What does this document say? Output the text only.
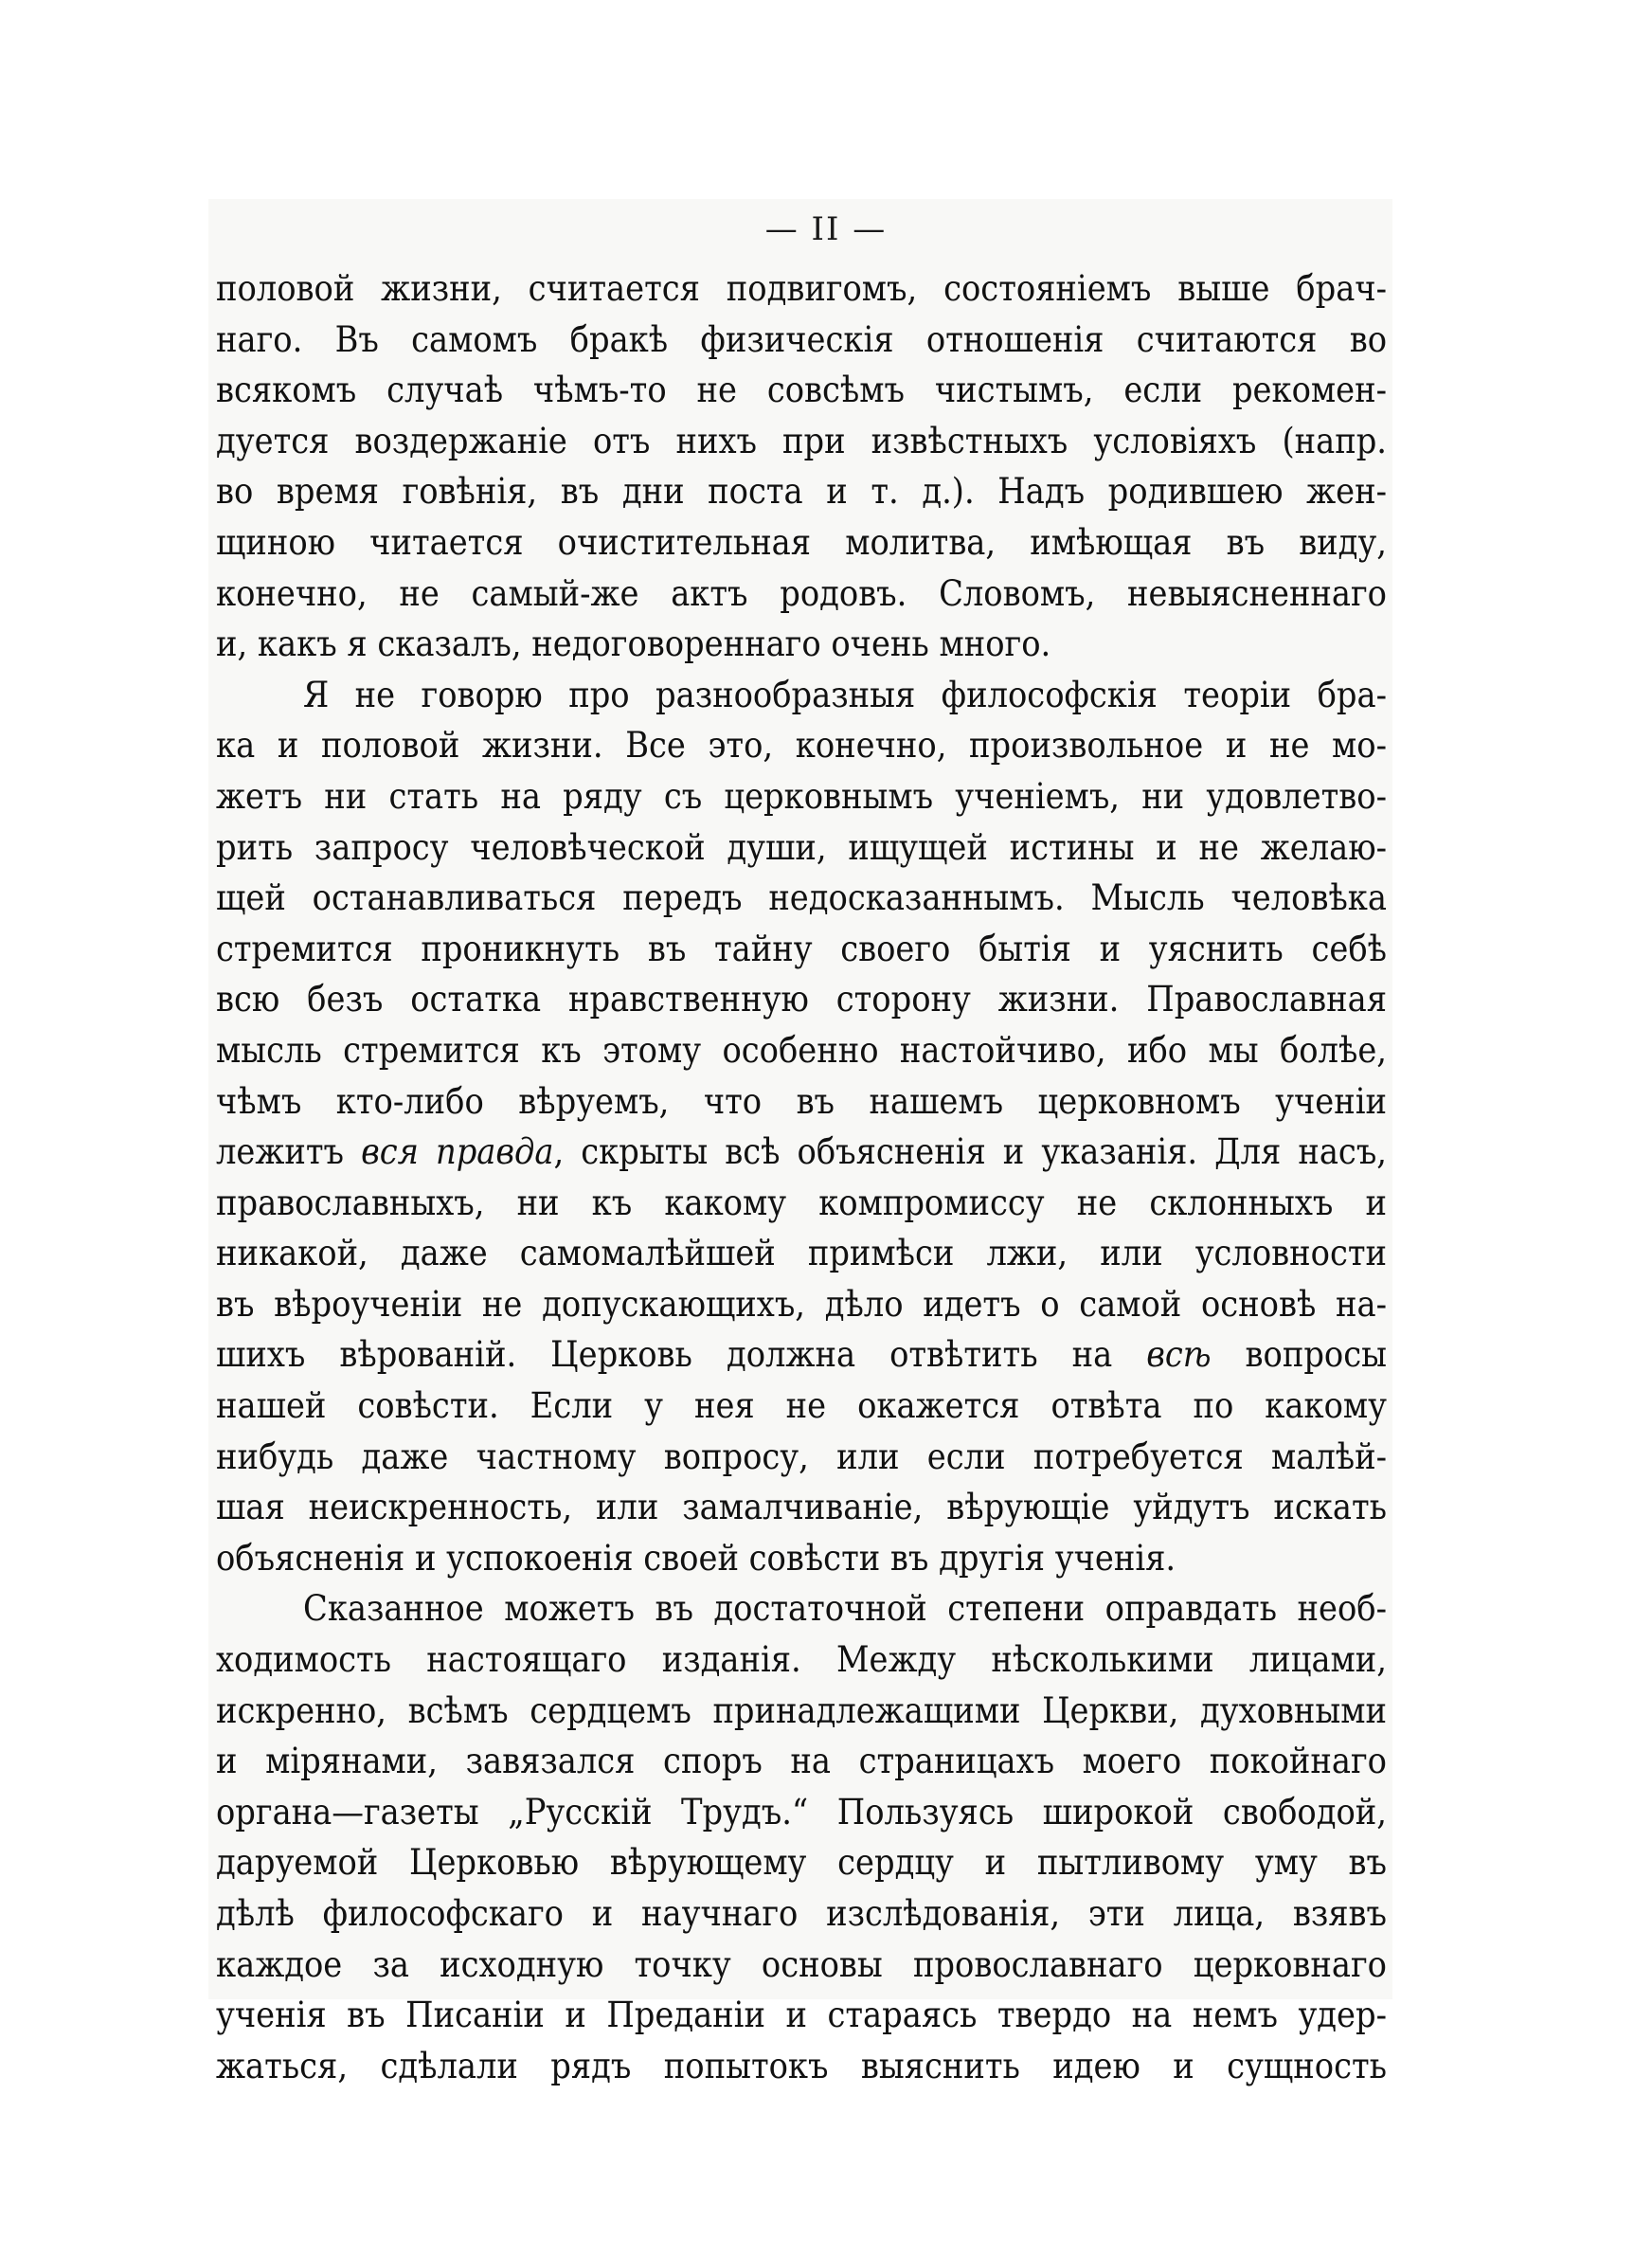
— II —
половой жизни, считается подвигомъ, состояніемъ выше брач-
наго. Въ самомъ бракѣ физическія отношенія считаются во
всякомъ случаѣ чѣмъ-то не совсѣмъ чистымъ, если рекомен-
дуется воздержаніе отъ нихъ при извѣстныхъ условіяхъ (напр.
во время говѣнія, въ дни поста и т. д.). Надъ родившею жен-
щиною читается очистительная молитва, имѣющая въ виду,
конечно, не самый-же актъ родовъ. Словомъ, невыясненнаго
и, какъ я сказалъ, недоговореннаго очень много.
Я не говорю про разнообразныя философскія теоріи бра-
ка и половой жизни. Все это, конечно, произвольное и не мо-
жетъ ни стать на ряду съ церковнымъ ученіемъ, ни удовлетво-
рить запросу человѣческой души, ищущей истины и не желаю-
щей останавливаться передъ недосказаннымъ. Мысль человѣка
стремится проникнуть въ тайну своего бытія и уяснить себѣ
всю безъ остатка нравственную сторону жизни. Православная
мысль стремится къ этому особенно настойчиво, ибо мы болѣе,
чѣмъ кто-либо вѣруемъ, что въ нашемъ церковномъ ученіи
лежитъ вся правда, скрыты всѣ объясненія и указанія. Для насъ,
православныхъ, ни къ какому компромиссу не склонныхъ и
никакой, даже самомалѣйшей примѣси лжи, или условности
въ вѣроученіи не допускающихъ, дѣло идетъ о самой основѣ на-
шихъ вѣрованій. Церковь должна отвѣтить на всѣ вопросы
нашей совѣсти. Если у нея не окажется отвѣта по какому
нибудь даже частному вопросу, или если потребуется малѣй-
шая неискренность, или замалчиваніе, вѣрующіе уйдутъ искать
объясненія и успокоенія своей совѣсти въ другія ученія.
Сказанное можетъ въ достаточной степени оправдать необ-
ходимость настоящаго изданія. Между нѣсколькими лицами,
искренно, всѣмъ сердцемъ принадлежащими Церкви, духовными
и мірянами, завязался споръ на страницахъ моего покойнаго
органа—газеты „Русскій Трудъ.“ Пользуясь широкой свободой,
даруемой Церковью вѣрующему сердцу и пытливому уму въ
дѣлѣ философскаго и научнаго изслѣдованія, эти лица, взявъ
каждое за исходную точку основы провославнаго церковнаго
ученія въ Писаніи и Преданіи и стараясь твердо на немъ удер-
жаться, сдѣлали рядъ попытокъ выяснить идею и сущность
